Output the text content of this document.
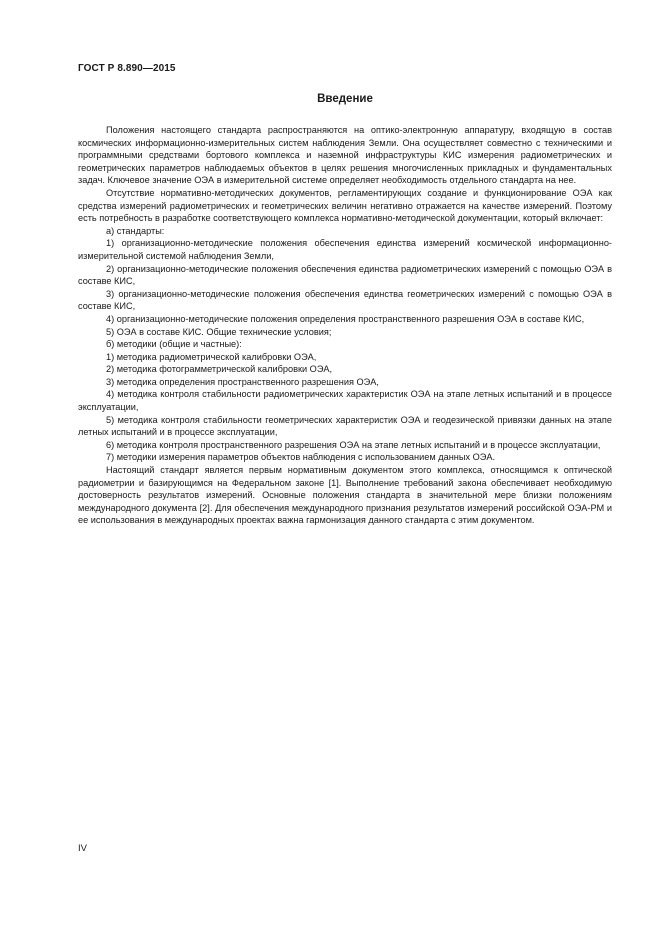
ГОСТ Р 8.890—2015
Введение

Положения настоящего стандарта распространяются на оптико-электронную аппаратуру, входящую в состав космических информационно-измерительных систем наблюдения Земли. Она осуществляет совместно с техническими и программными средствами бортового комплекса и наземной инфраструктуры КИС измерения радиометрических и геометрических параметров наблюдаемых объектов в целях решения многочисленных прикладных и фундаментальных задач. Ключевое значение ОЭА в измерительной системе определяет необходимость отдельного стандарта на нее.

Отсутствие нормативно-методических документов, регламентирующих создание и функционирование ОЭА как средства измерений радиометрических и геометрических величин негативно отражается на качестве измерений. Поэтому есть потребность в разработке соответствующего комплекса нормативно-методической документации, который включает:

а) стандарты:

1) организационно-методические положения обеспечения единства измерений космической информационно-измерительной системой наблюдения Земли,

2) организационно-методические положения обеспечения единства радиометрических измерений с помощью ОЭА в составе КИС,

3) организационно-методические положения обеспечения единства геометрических измерений с помощью ОЭА в составе КИС,

4) организационно-методические положения определения пространственного разрешения ОЭА в составе КИС,

5) ОЭА в составе КИС. Общие технические условия;

б) методики (общие и частные):

1) методика радиометрической калибровки ОЭА,

2) методика фотограмметрической калибровки ОЭА,

3) методика определения пространственного разрешения ОЭА,

4) методика контроля стабильности радиометрических характеристик ОЭА на этапе летных испытаний и в процессе эксплуатации,

5) методика контроля стабильности геометрических характеристик ОЭА и геодезической привязки данных на этапе летных испытаний и в процессе эксплуатации,

6) методика контроля пространственного разрешения ОЭА на этапе летных испытаний и в процессе эксплуатации,

7) методики измерения параметров объектов наблюдения с использованием данных ОЭА.

Настоящий стандарт является первым нормативным документом этого комплекса, относящимся к оптической радиометрии и базирующимся на Федеральном законе [1]. Выполнение требований закона обеспечивает необходимую достоверность результатов измерений. Основные положения стандарта в значительной мере близки положениям международного документа [2]. Для обеспечения международного признания результатов измерений российской ОЭА-РМ и ее использования в международных проектах важна гармонизация данного стандарта с этим документом.

IV
